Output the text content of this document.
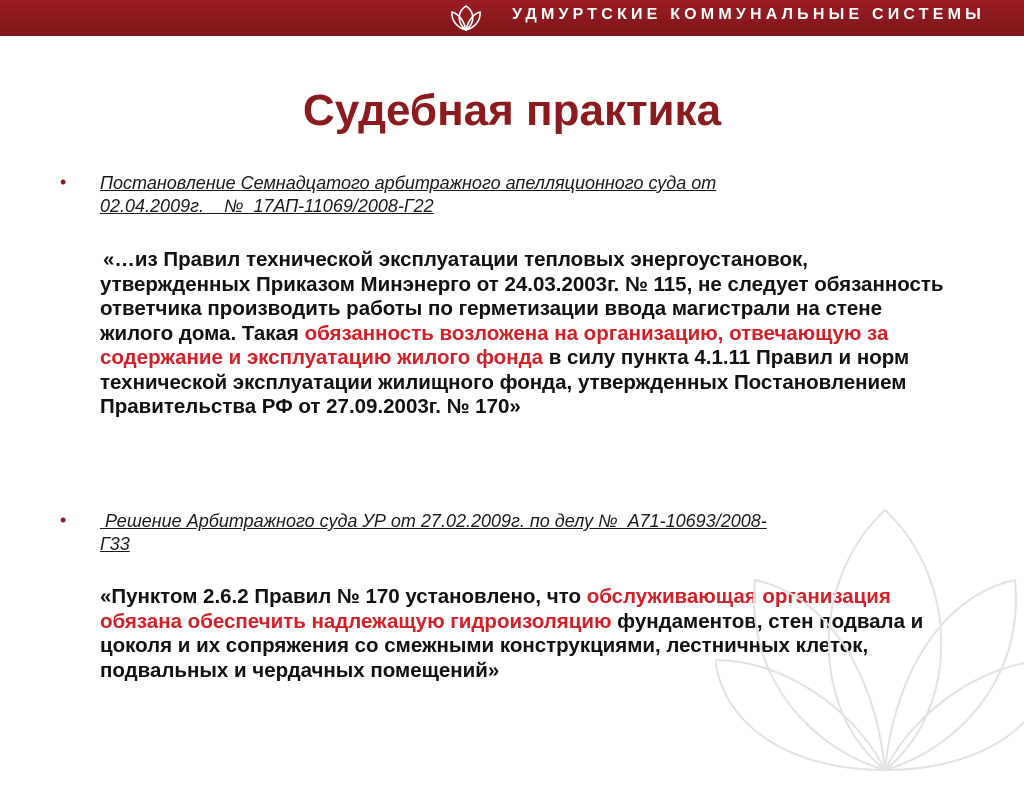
УДМУРТСКИЕ КОММУНАЛЬНЫЕ СИСТЕМЫ
Судебная практика
• Постановление Семнадцатого арбитражного апелляционного суда от
02.04.2009г.    №  17АП-11069/2008-Г22
«…из Правил технической эксплуатации тепловых энергоустановок, утвержденных Приказом Минэнерго от 24.03.2003г. № 115, не следует обязанность ответчика производить работы по герметизации ввода магистрали на стене жилого дома. Такая обязанность возложена на организацию, отвечающую за содержание и эксплуатацию жилого фонда в силу пункта 4.1.11 Правил и норм технической эксплуатации жилищного фонда, утвержденных Постановлением Правительства РФ от 27.09.2003г. № 170»
• Решение Арбитражного суда УР от 27.02.2009г. по делу №  А71-10693/2008-
Г33
«Пунктом 2.6.2 Правил № 170 установлено, что обслуживающая организация обязана обеспечить надлежащую гидроизоляцию фундаментов, стен подвала и цоколя и их сопряжения со смежными конструкциями, лестничных клеток, подвальных и чердачных помещений»
